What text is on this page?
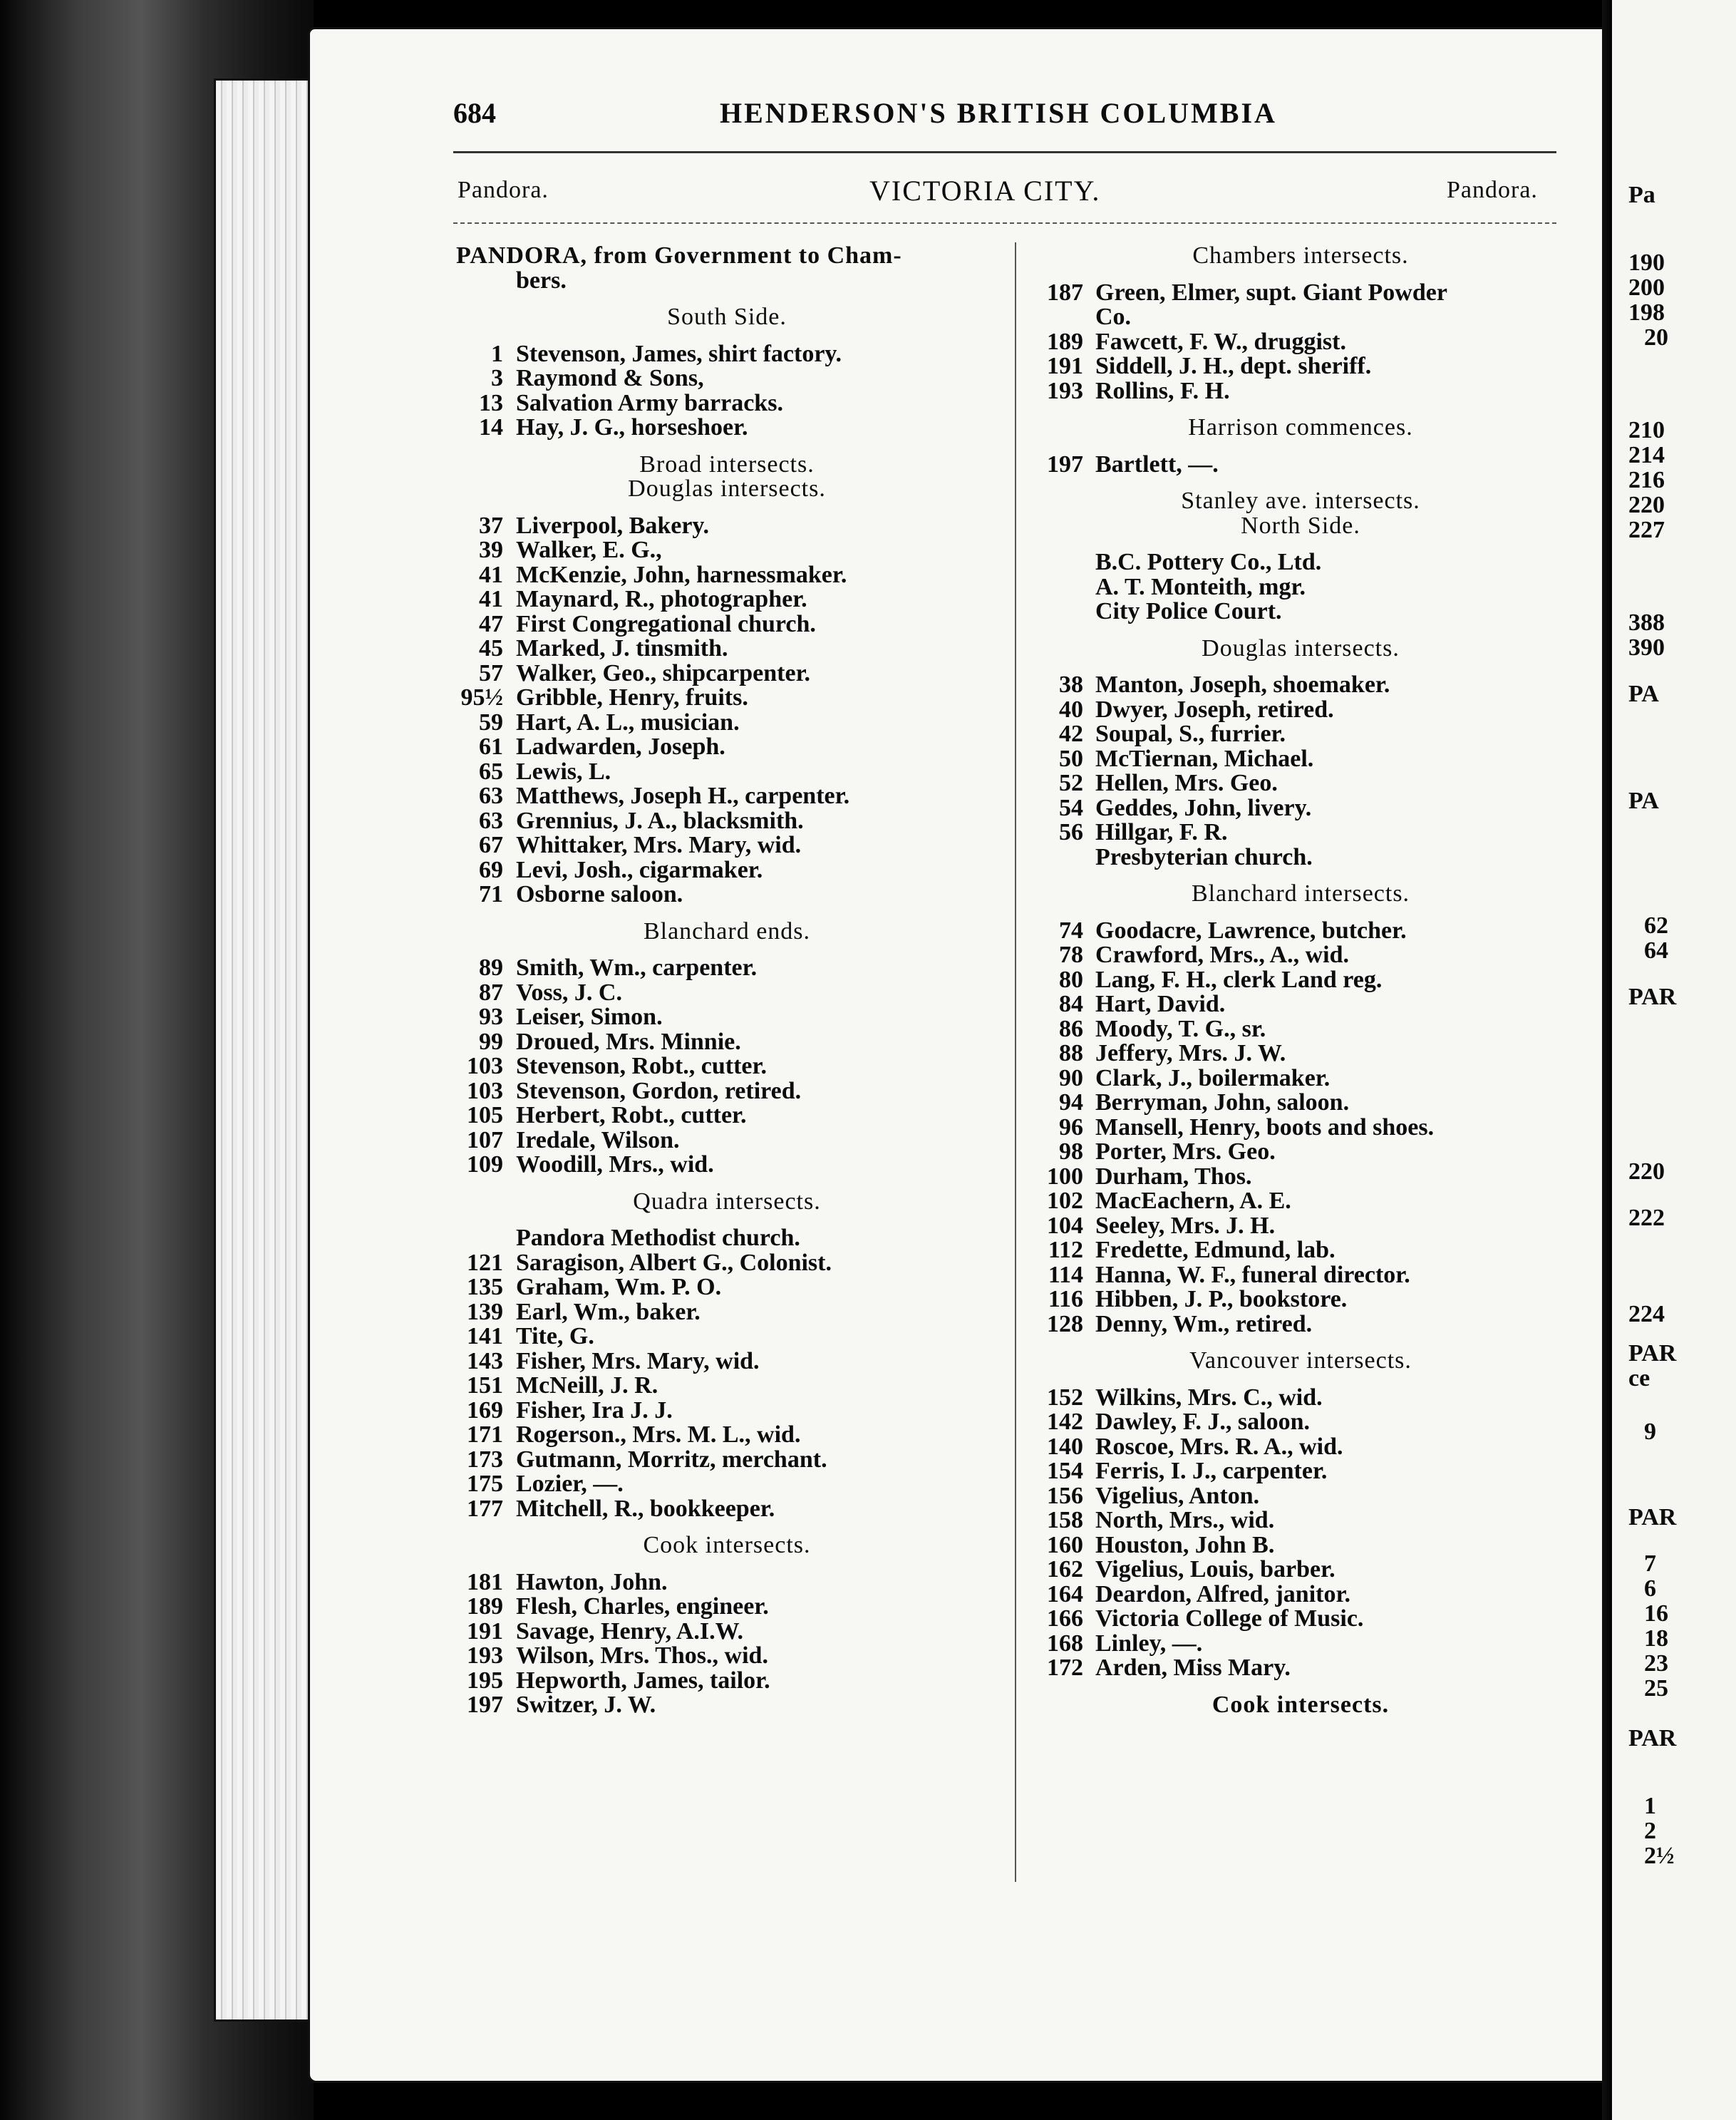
684	HENDERSON'S BRITISH COLUMBIA
Pandora.	VICTORIA CITY.	Pandora.
PANDORA, from Government to Cham-
bers.
South Side.
1 Stevenson, James, shirt factory.
3 Raymond & Sons,
13 Salvation Army barracks.
14 Hay, J. G., horseshoer.
Broad intersects.
Douglas intersects.
37 Liverpool, Bakery.
39 Walker, E. G.,
41 McKenzie, John, harnessmaker.
41 Maynard, R., photographer.
47 First Congregational church.
45 Marked, J. tinsmith.
57 Walker, Geo., shipcarpenter.
95½ Gribble, Henry, fruits.
59 Hart, A. L., musician.
61 Ladwarden, Joseph.
65 Lewis, L.
63 Matthews, Joseph H., carpenter.
63 Grennius, J. A., blacksmith.
67 Whittaker, Mrs. Mary, wid.
69 Levi, Josh., cigarmaker.
71 Osborne saloon.
Blanchard ends.
89 Smith, Wm., carpenter.
87 Voss, J. C.
93 Leiser, Simon.
99 Droued, Mrs. Minnie.
103 Stevenson, Robt., cutter.
103 Stevenson, Gordon, retired.
105 Herbert, Robt., cutter.
107 Iredale, Wilson.
109 Woodill, Mrs., wid.
Quadra intersects.
Pandora Methodist church.
121 Saragison, Albert G., Colonist.
135 Graham, Wm. P. O.
139 Earl, Wm., baker.
141 Tite, G.
143 Fisher, Mrs. Mary, wid.
151 McNeill, J. R.
169 Fisher, Ira J. J.
171 Rogerson., Mrs. M. L., wid.
173 Gutmann, Morritz, merchant.
175 Lozier, —.
177 Mitchell, R., bookkeeper.
Cook intersects.
181 Hawton, John.
189 Flesh, Charles, engineer.
191 Savage, Henry, A.I.W.
193 Wilson, Mrs. Thos., wid.
195 Hepworth, James, tailor.
197 Switzer, J. W.
Chambers intersects.
187 Green, Elmer, supt. Giant Powder
Co.
189 Fawcett, F. W., druggist.
191 Siddell, J. H., dept. sheriff.
193 Rollins, F. H.
Harrison commences.
197 Bartlett, —.
Stanley ave. intersects.
North Side.
B.C. Pottery Co., Ltd.
A. T. Monteith, mgr.
City Police Court.
Douglas intersects.
38 Manton, Joseph, shoemaker.
40 Dwyer, Joseph, retired.
42 Soupal, S., furrier.
50 McTiernan, Michael.
52 Hellen, Mrs. Geo.
54 Geddes, John, livery.
56 Hillgar, F. R.
Presbyterian church.
Blanchard intersects.
74 Goodacre, Lawrence, butcher.
78 Crawford, Mrs., A., wid.
80 Lang, F. H., clerk Land reg.
84 Hart, David.
86 Moody, T. G., sr.
88 Jeffery, Mrs. J. W.
90 Clark, J., boilermaker.
94 Berryman, John, saloon.
96 Mansell, Henry, boots and shoes.
98 Porter, Mrs. Geo.
100 Durham, Thos.
102 MacEachern, A. E.
104 Seeley, Mrs. J. H.
112 Fredette, Edmund, lab.
114 Hanna, W. F., funeral director.
116 Hibben, J. P., bookstore.
128 Denny, Wm., retired.
Vancouver intersects.
152 Wilkins, Mrs. C., wid.
142 Dawley, F. J., saloon.
140 Roscoe, Mrs. R. A., wid.
154 Ferris, I. J., carpenter.
156 Vigelius, Anton.
158 North, Mrs., wid.
160 Houston, John B.
162 Vigelius, Louis, barber.
164 Deardon, Alfred, janitor.
166 Victoria College of Music.
168 Linley, —.
172 Arden, Miss Mary.
Cook intersects.
Pa
190
200
198
20
210
214
216
220
227
388
390
PA
PA
62
64
PAR
220
222
224
PAR
ce
9
PAR
7
6
16
18
23
25
PAR
1
2
2½
